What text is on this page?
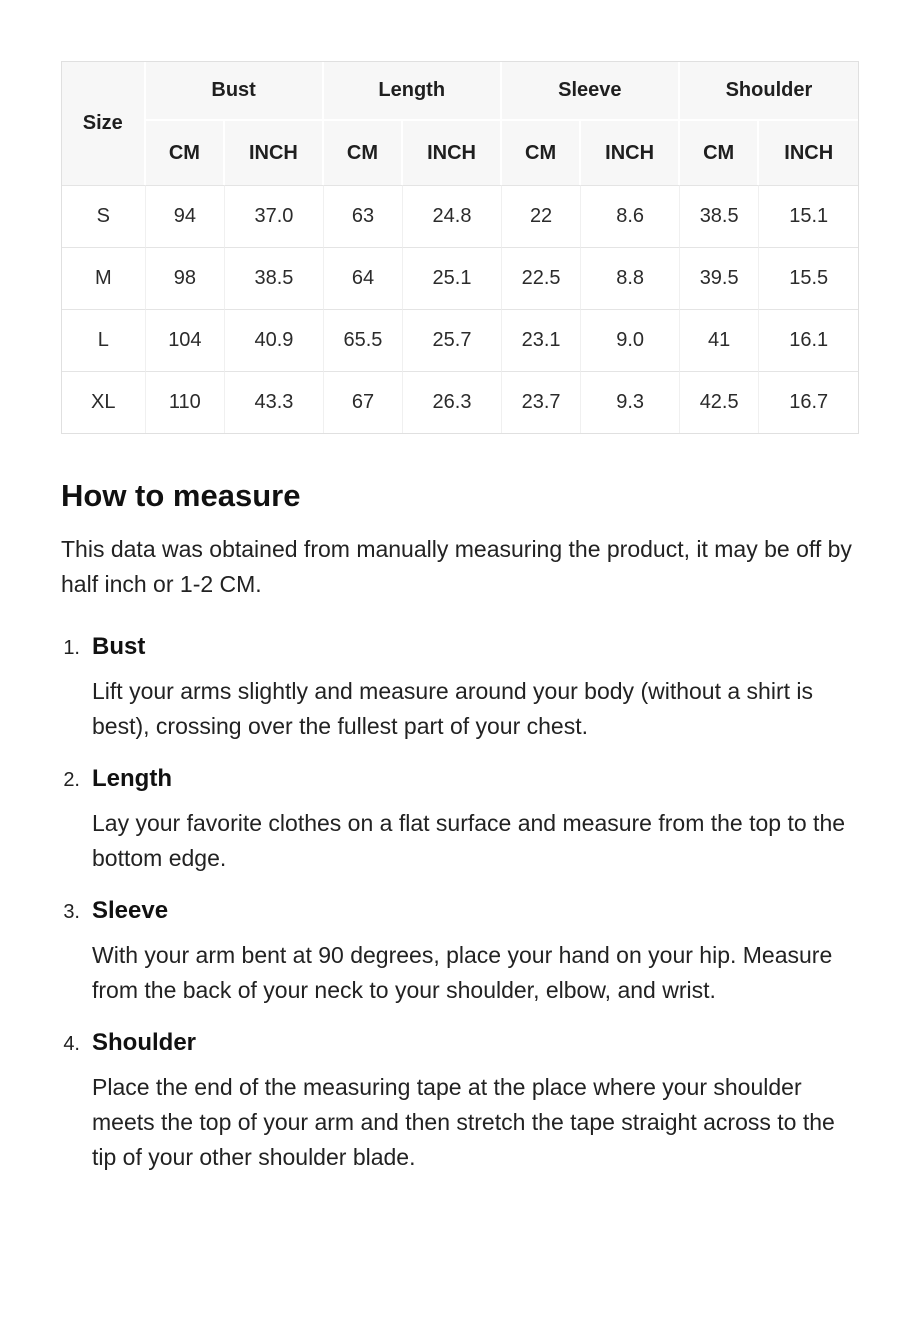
Size	Bust		Length		Sleeve		Shoulder	
	CM	INCH	CM	INCH	CM	INCH	CM	INCH
S	94	37.0	63	24.8	22	8.6	38.5	15.1
M	98	38.5	64	25.1	22.5	8.8	39.5	15.5
L	104	40.9	65.5	25.7	23.1	9.0	41	16.1
XL	110	43.3	67	26.3	23.7	9.3	42.5	16.7
How to measure

This data was obtained from manually measuring the product, it may be off by half inch or 1-2 CM.

1. Bust

Lift your arms slightly and measure around your body (without a shirt is best), crossing over the fullest part of your chest.

2. Length

Lay your favorite clothes on a flat surface and measure from the top to the bottom edge.

3. Sleeve

With your arm bent at 90 degrees, place your hand on your hip. Measure from the back of your neck to your shoulder, elbow, and wrist.

4. Shoulder

Place the end of the measuring tape at the place where your shoulder meets the top of your arm and then stretch the tape straight across to the tip of your other shoulder blade.
